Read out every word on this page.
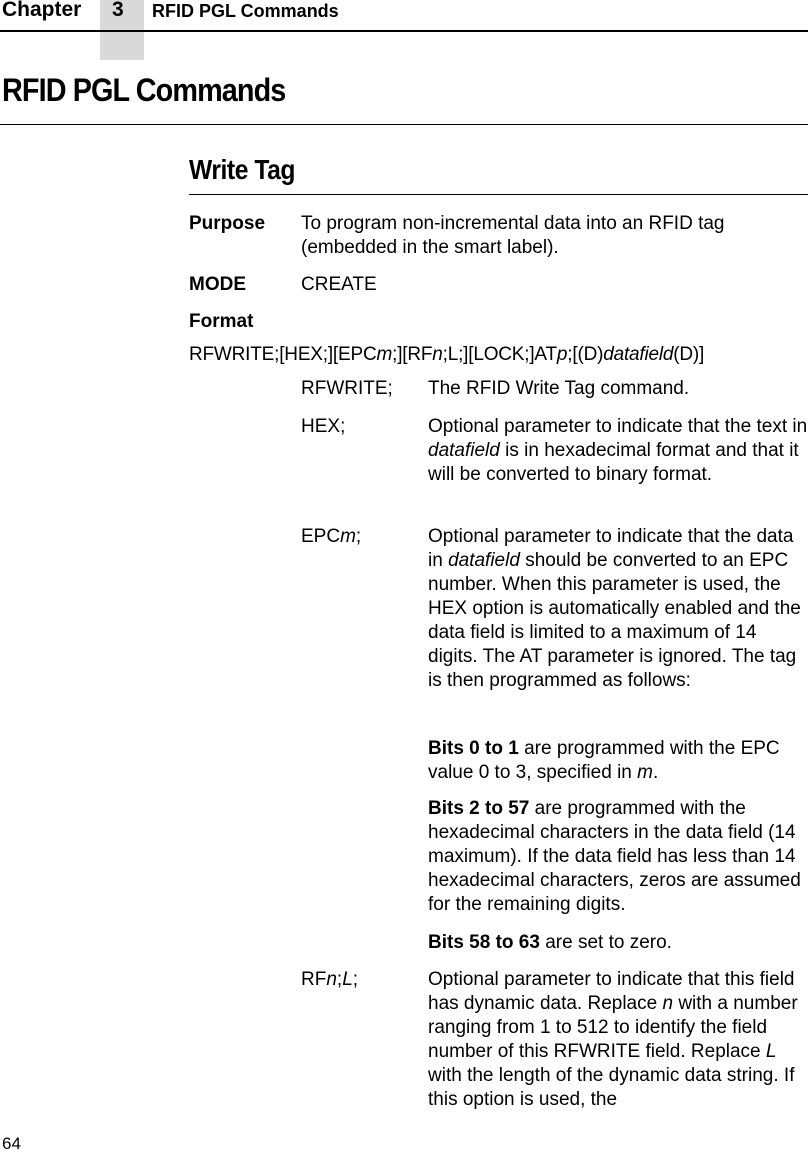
Chapter 3 RFID PGL Commands
RFID PGL Commands
Write Tag
Purpose To program non-incremental data into an RFID tag (embedded in the smart label).
MODE	CREATE
Format
RFWRITE;[HEX;][EPCm;][RFn;L;][LOCK;]ATp;[(D)datafield(D)]
RFWRITE; The RFID Write Tag command.
HEX;	Optional parameter to indicate that the text in datafield is in hexadecimal format and that it will be converted to binary format.
EPCm;	Optional parameter to indicate that the data in datafield should be converted to an EPC number. When this parameter is used, the HEX option is automatically enabled and the data field is limited to a maximum of 14 digits. The AT parameter is ignored. The tag is then programmed as follows:
Bits 0 to 1 are programmed with the EPC value 0 to 3, specified in m.
Bits 2 to 57 are programmed with the hexadecimal characters in the data field (14 maximum). If the data field has less than 14 hexadecimal characters, zeros are assumed for the remaining digits.
Bits 58 to 63 are set to zero.
RFn;L;	Optional parameter to indicate that this field has dynamic data. Replace n with a number ranging from 1 to 512 to identify the field number of this RFWRITE field. Replace L with the length of the dynamic data string. If this option is used, the
64
